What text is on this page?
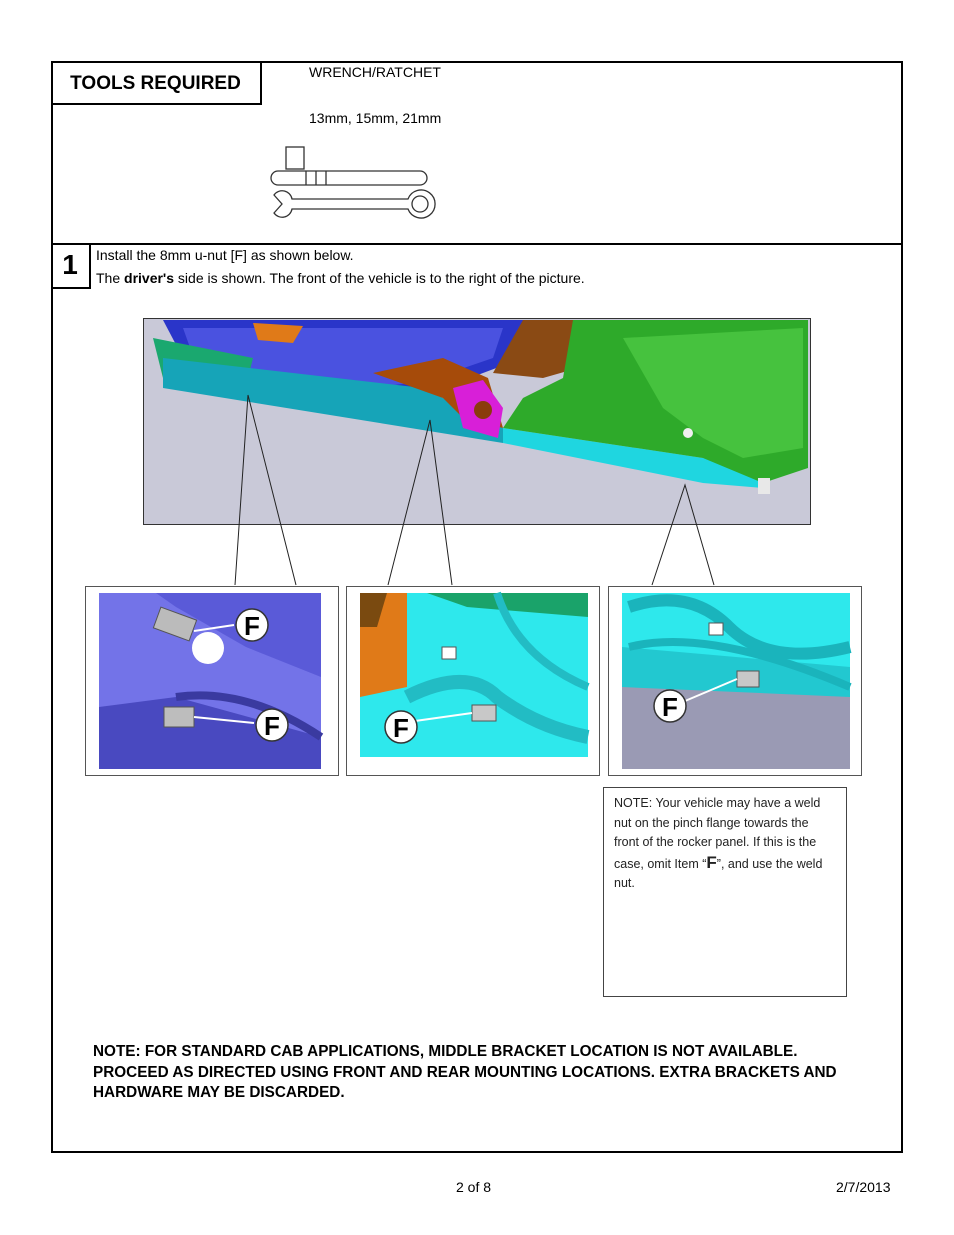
TOOLS REQUIRED
WRENCH/RATCHET
13mm, 15mm, 21mm
1	Install the 8mm u-nut [F] as shown below.
The driver's side is shown. The front of the vehicle is to the right of the picture.
F
F	F
F
NOTE: Your vehicle may have a weld nut on the pinch flange towards the front of the rocker panel. If this is the case, omit Item “F”, and use the weld nut.
NOTE: FOR STANDARD CAB APPLICATIONS, MIDDLE BRACKET LOCATION IS NOT AVAILABLE. PROCEED AS DIRECTED USING FRONT AND REAR MOUNTING LOCATIONS. EXTRA BRACKETS AND HARDWARE MAY BE DISCARDED.
2 of 8	2/7/2013
